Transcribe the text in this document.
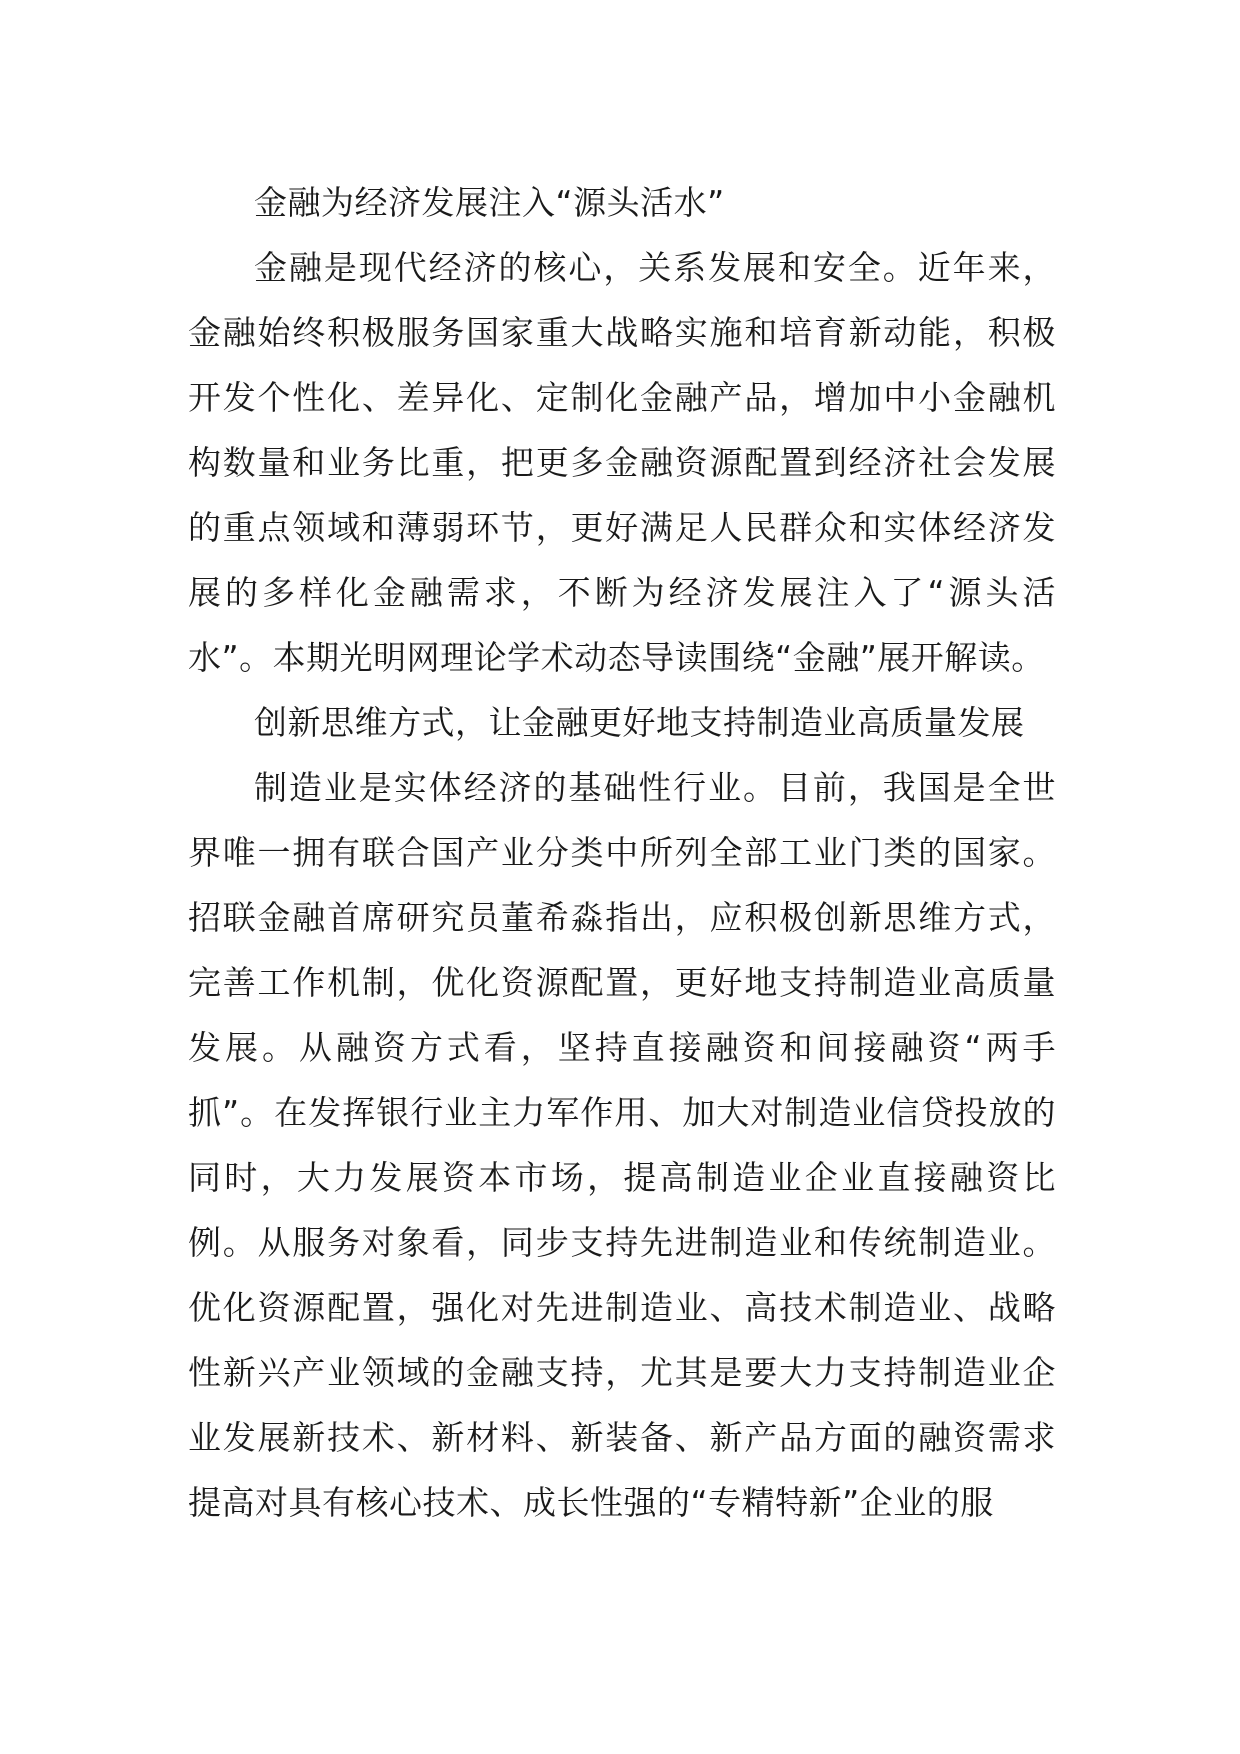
金融为经济发展注入“源头活水”

金融是现代经济的核心，关系发展和安全。近年来，金融始终积极服务国家重大战略实施和培育新动能，积极开发个性化、差异化、定制化金融产品，增加中小金融机构数量和业务比重，把更多金融资源配置到经济社会发展的重点领域和薄弱环节，更好满足人民群众和实体经济发展的多样化金融需求，不断为经济发展注入了“源头活水”。本期光明网理论学术动态导读围绕“金融”展开解读。

创新思维方式，让金融更好地支持制造业高质量发展

制造业是实体经济的基础性行业。目前，我国是全世界唯一拥有联合国产业分类中所列全部工业门类的国家。招联金融首席研究员董希淼指出，应积极创新思维方式，完善工作机制，优化资源配置，更好地支持制造业高质量发展。从融资方式看，坚持直接融资和间接融资“两手抓”。在发挥银行业主力军作用、加大对制造业信贷投放的同时，大力发展资本市场，提高制造业企业直接融资比例。从服务对象看，同步支持先进制造业和传统制造业。优化资源配置，强化对先进制造业、高技术制造业、战略性新兴产业领域的金融支持，尤其是要大力支持制造业企业发展新技术、新材料、新装备、新产品方面的融资需求提高对具有核心技术、成长性强的“专精特新”企业的服
